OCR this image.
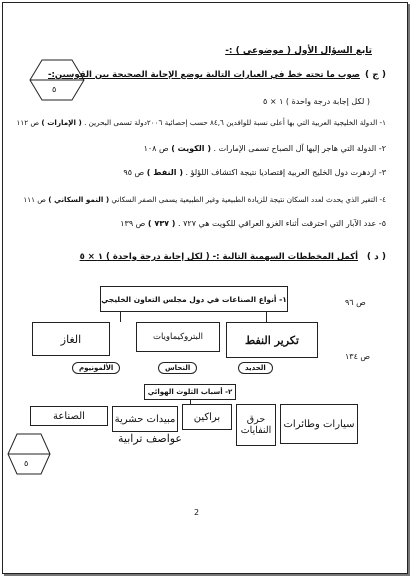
٥
تابع السؤال الأول ( موضوعي ) :-
( ج )
صوب ما تحته خط في العبارات التالية بوضع الإجابة الصحيحة بين القوسين:-
( لكل إجابة درجة واحدة ) ١ × ٥
١- الدولة الخليجية العربية التي بها أعلى نسبة للوافدين ٨٤,٦ حسب إحصائية ٢٠٠٦دولة تسمى البحرين . ( الإمارات ) ص ١١٢
٢- الدولة التي هاجر إليها آل الصباح تسمى الإمارات . ( الكويت ) ص ١٠٨
٣- ازدهرت دول الخليج العربية إقتصاديا نتيجة اكتشاف اللؤلؤ . ( النفط ) ص ٩٥
٤- التغير الذي يحدث لعدد السكان نتيجة للزيادة الطبيعية وغير الطبيعية يسمى الصفر السكاني ( النمو السكاني ) ص ١١١
٥- عدد الآبار التي احترقت أثناء الغزو العراقي للكويت هي ٧٢٧ . ( ٧٣٧ ) ص ١٣٩
( د )
أكمل المخططات السهمية التالية :- ( لكل إجابة درجة واحدة ) ١ × ٥
١- أنواع الصناعات في دول مجلس التعاون الخليجي	ص ٩٦
الغاز	البتروكيماويات	تكرير النفط
ص ١٣٤
الألمونيوم	النحاس	الحديد
٢- أسباب التلوث الهوائي
الصناعة	مبيدات حشرية براكين	حرق النفايات
سيارات وطائرات
عواصف ترابية
٥
2
